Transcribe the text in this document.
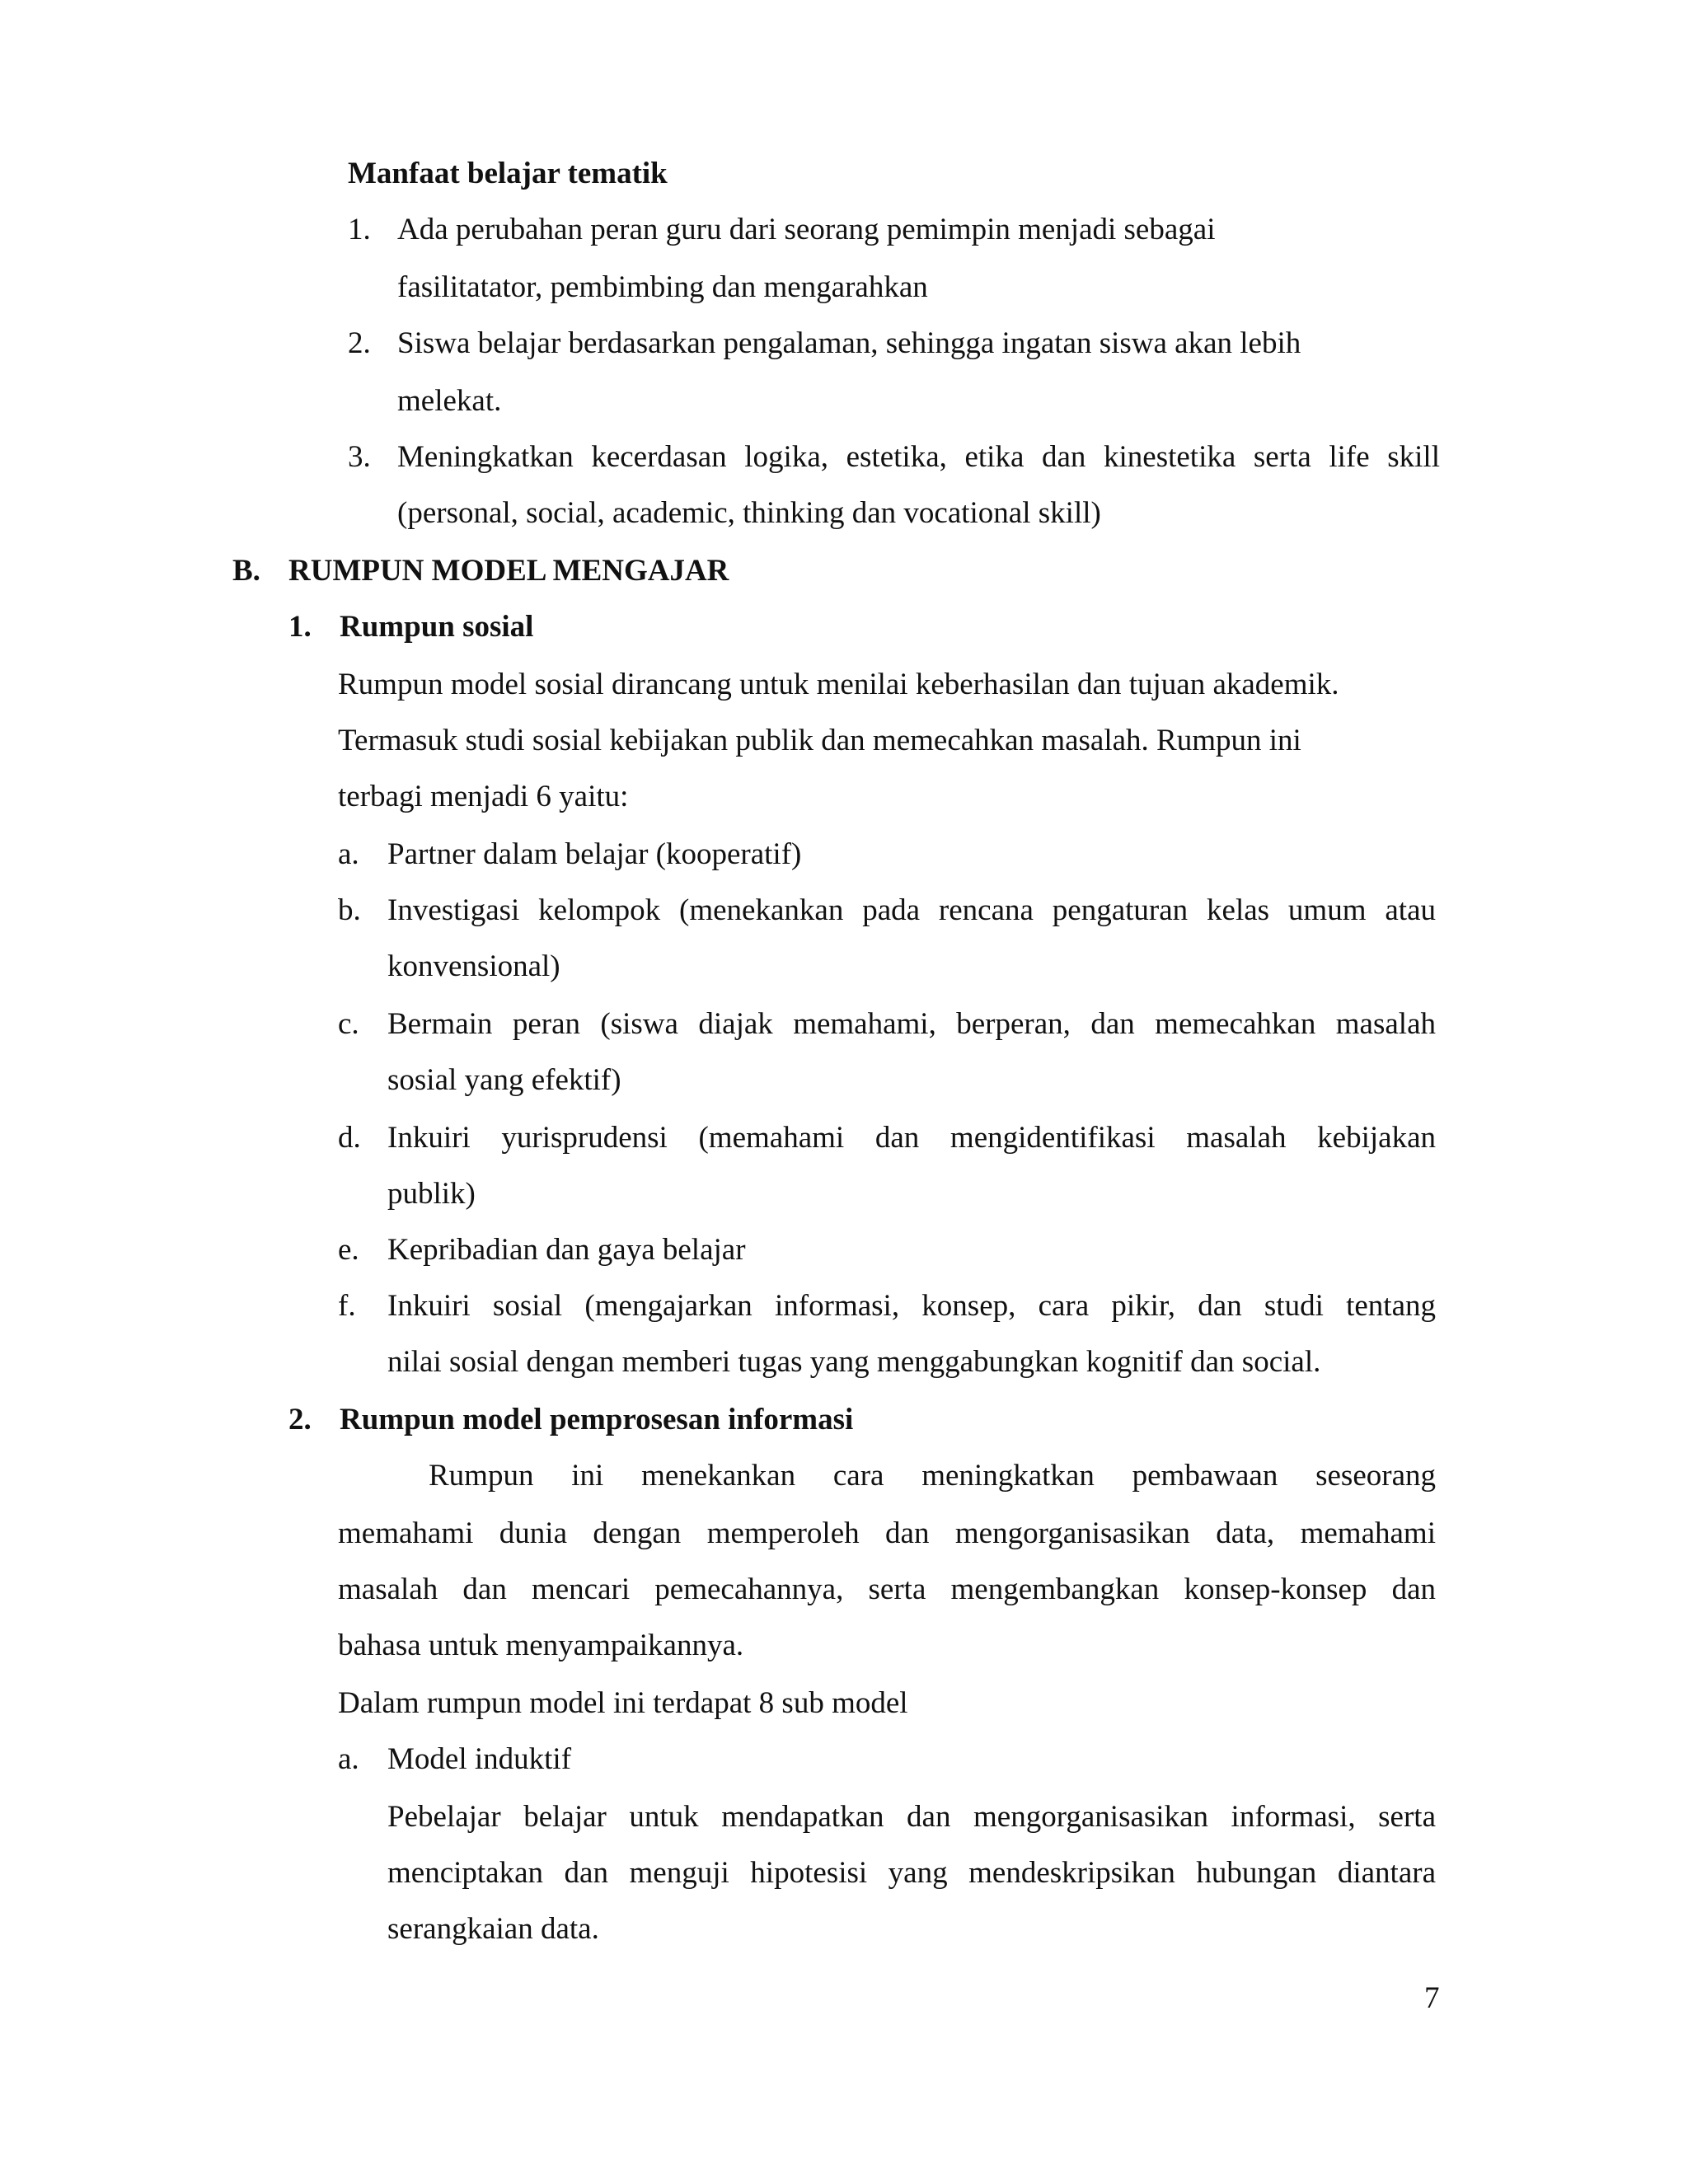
Manfaat belajar tematik
1. Ada perubahan peran guru dari seorang pemimpin menjadi sebagai
fasilitatator, pembimbing dan mengarahkan
2. Siswa belajar berdasarkan pengalaman, sehingga ingatan siswa akan lebih
melekat.
3. Meningkatkan kecerdasan logika, estetika, etika dan kinestetika serta life skill
(personal, social, academic, thinking dan vocational skill)
B. RUMPUN MODEL MENGAJAR
1. Rumpun sosial
Rumpun model sosial dirancang untuk menilai keberhasilan dan tujuan akademik.
Termasuk studi sosial kebijakan publik dan memecahkan masalah. Rumpun ini
terbagi menjadi 6 yaitu:
a. Partner dalam belajar (kooperatif)
b. Investigasi kelompok (menekankan pada rencana pengaturan kelas umum atau
konvensional)
c. Bermain peran (siswa diajak memahami, berperan, dan memecahkan masalah
sosial yang efektif)
d. Inkuiri yurisprudensi (memahami dan mengidentifikasi masalah kebijakan
publik)
e. Kepribadian dan gaya belajar
f. Inkuiri sosial (mengajarkan informasi, konsep, cara pikir, dan studi tentang
nilai sosial dengan memberi tugas yang menggabungkan kognitif dan social.
2. Rumpun model pemprosesan informasi
Rumpun ini menekankan cara meningkatkan pembawaan seseorang
memahami dunia dengan memperoleh dan mengorganisasikan data, memahami
masalah dan mencari pemecahannya, serta mengembangkan konsep-konsep dan
bahasa untuk menyampaikannya.
Dalam rumpun model ini terdapat 8 sub model
a. Model induktif
Pebelajar belajar untuk mendapatkan dan mengorganisasikan informasi, serta
menciptakan dan menguji hipotesisi yang mendeskripsikan hubungan diantara
serangkaian data.
7
